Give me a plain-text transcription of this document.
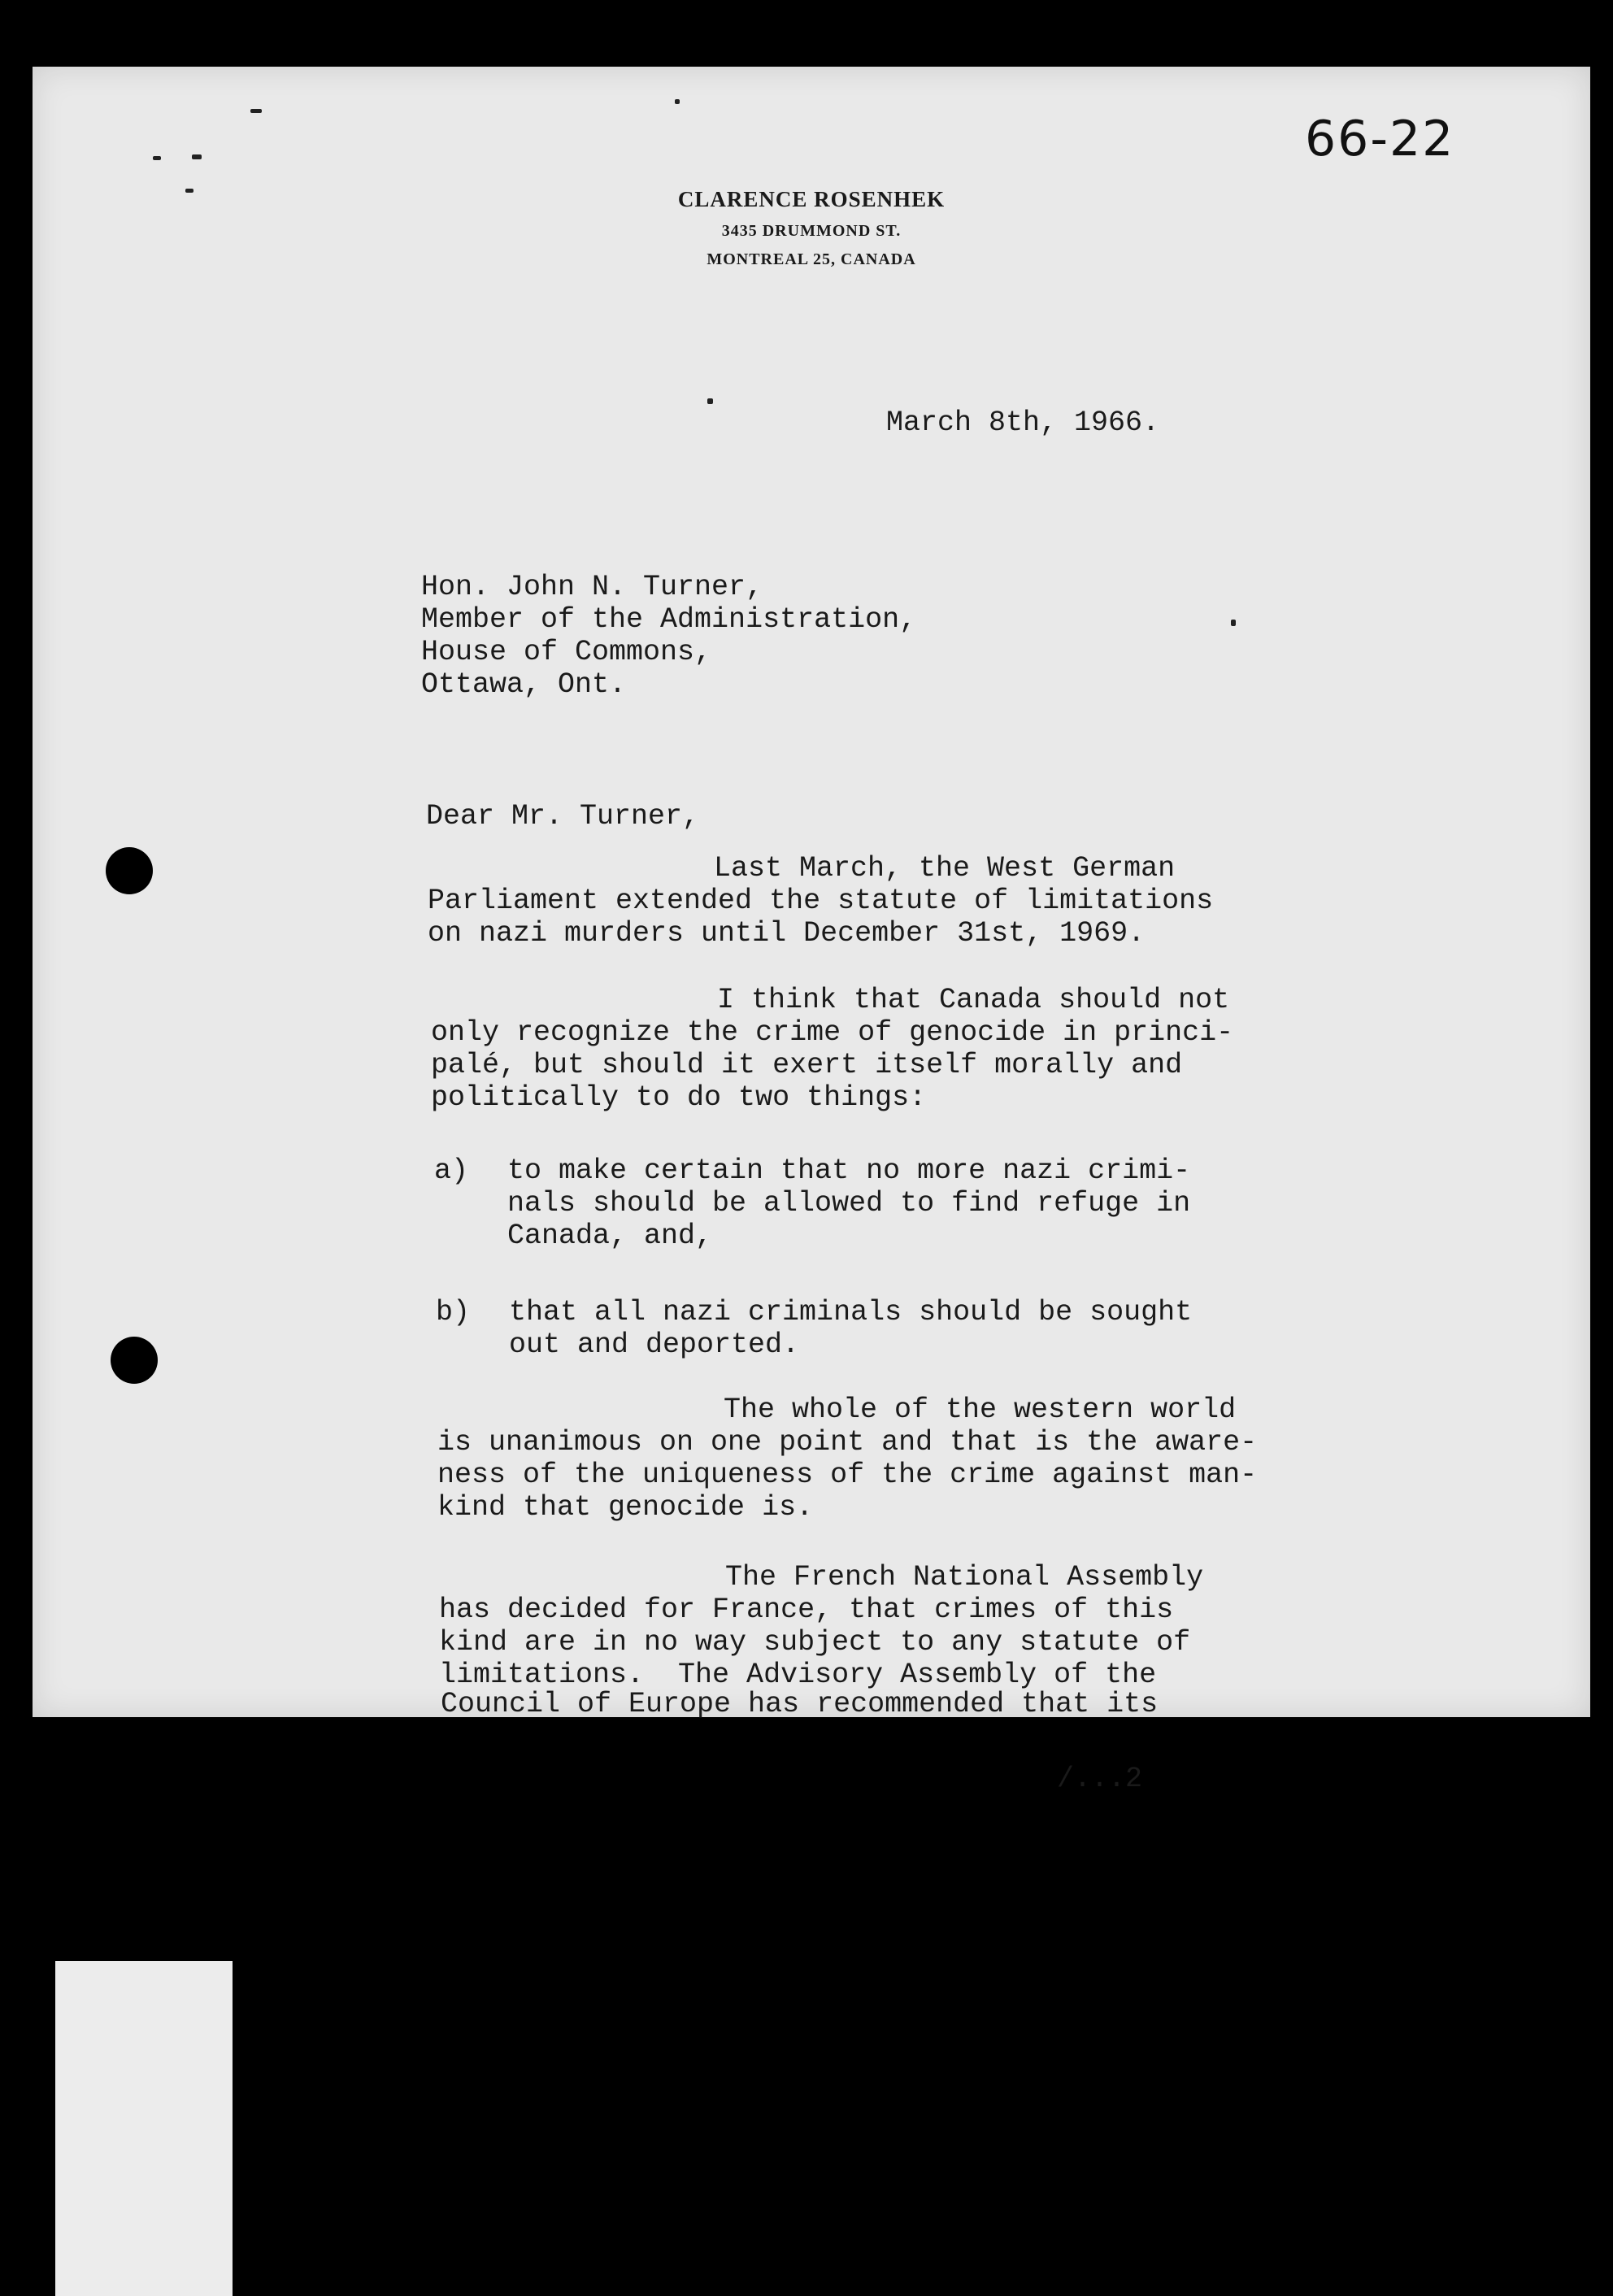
66-22
CLARENCE ROSENHEK
3435 DRUMMOND ST.
MONTREAL 25, CANADA
March 8th, 1966.
Hon. John N. Turner,
Member of the Administration,
House of Commons,
Ottawa, Ont.
Dear Mr. Turner,
Last March, the West German
Parliament extended the statute of limitations
on nazi murders until December 31st, 1969.
I think that Canada should not
only recognize the crime of genocide in princi-
palé, but should it exert itself morally and
politically to do two things:
a) to make certain that no more nazi crimi-
nals should be allowed to find refuge in
Canada, and,
b) that all nazi criminals should be sought
out and deported.
The whole of the western world
is unanimous on one point and that is the aware-
ness of the uniqueness of the crime against man-
kind that genocide is.
The French National Assembly
has decided for France, that crimes of this
kind are in no way subject to any statute of
limitations.  The Advisory Assembly of the
Council of Europe has recommended that its
/...2
